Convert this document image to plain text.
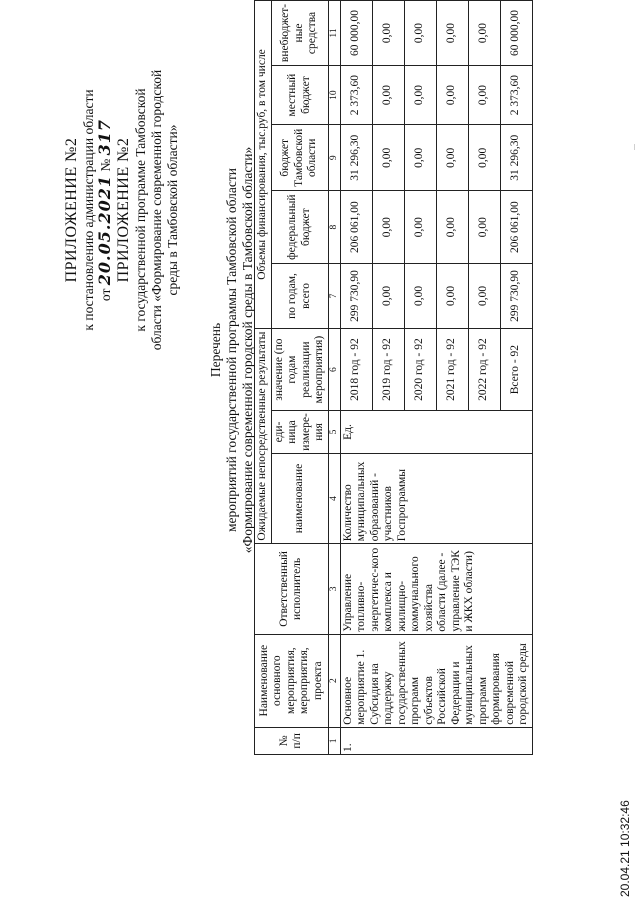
ПРИЛОЖЕНИЕ №2 к постановлению администрации области от 20.05.2021 № 317
ПРИЛОЖЕНИЕ №2 к государственной программе Тамбовской области «Формирование современной городской среды в Тамбовской области»
Перечень мероприятий государственной программы Тамбовской области «Формирование современной городской среды в Тамбовской области»
№ п/п	Наименование основного мероприятия, мероприятия, проекта	Ответственный исполнитель	Ожидаемые непосредственные результаты			Объемы финансирования, тыс.руб, в том числе				
			наименование	еди-ница измере-ния	значение (по годам реализации мероприятия)	по годам, всего	федеральный бюджет	бюджет Тамбовской области	местный бюджет	внебюджет-ные средства
1	2	3	4	5	6	7	8	9	10	11
1.	Основное мероприятие 1. Субсидия на поддержку государственных программ субъектов Российской Федерации и муниципальных программ формирования современной городской среды	Управление топливно-энергетичес-кого комплекса и жилищно-коммунального хозяйства области (далее - управление ТЭК и ЖКХ области)	Количество муниципальных образований - участников Госпрограммы	Ед.	2018 год - 92	299 730,90	206 061,00	31 296,30	2 373,60	60 000,00
					2019 год - 92	0,00	0,00	0,00	0,00	0,00
					2020 год - 92	0,00	0,00	0,00	0,00	0,00
					2021 год - 92	0,00	0,00	0,00	0,00	0,00
					2022 год - 92	0,00	0,00	0,00	0,00	0,00
					Всего - 92	299 730,90	206 061,00	31 296,30	2 373,60	60 000,00
20.04.21 10:32:46
...
